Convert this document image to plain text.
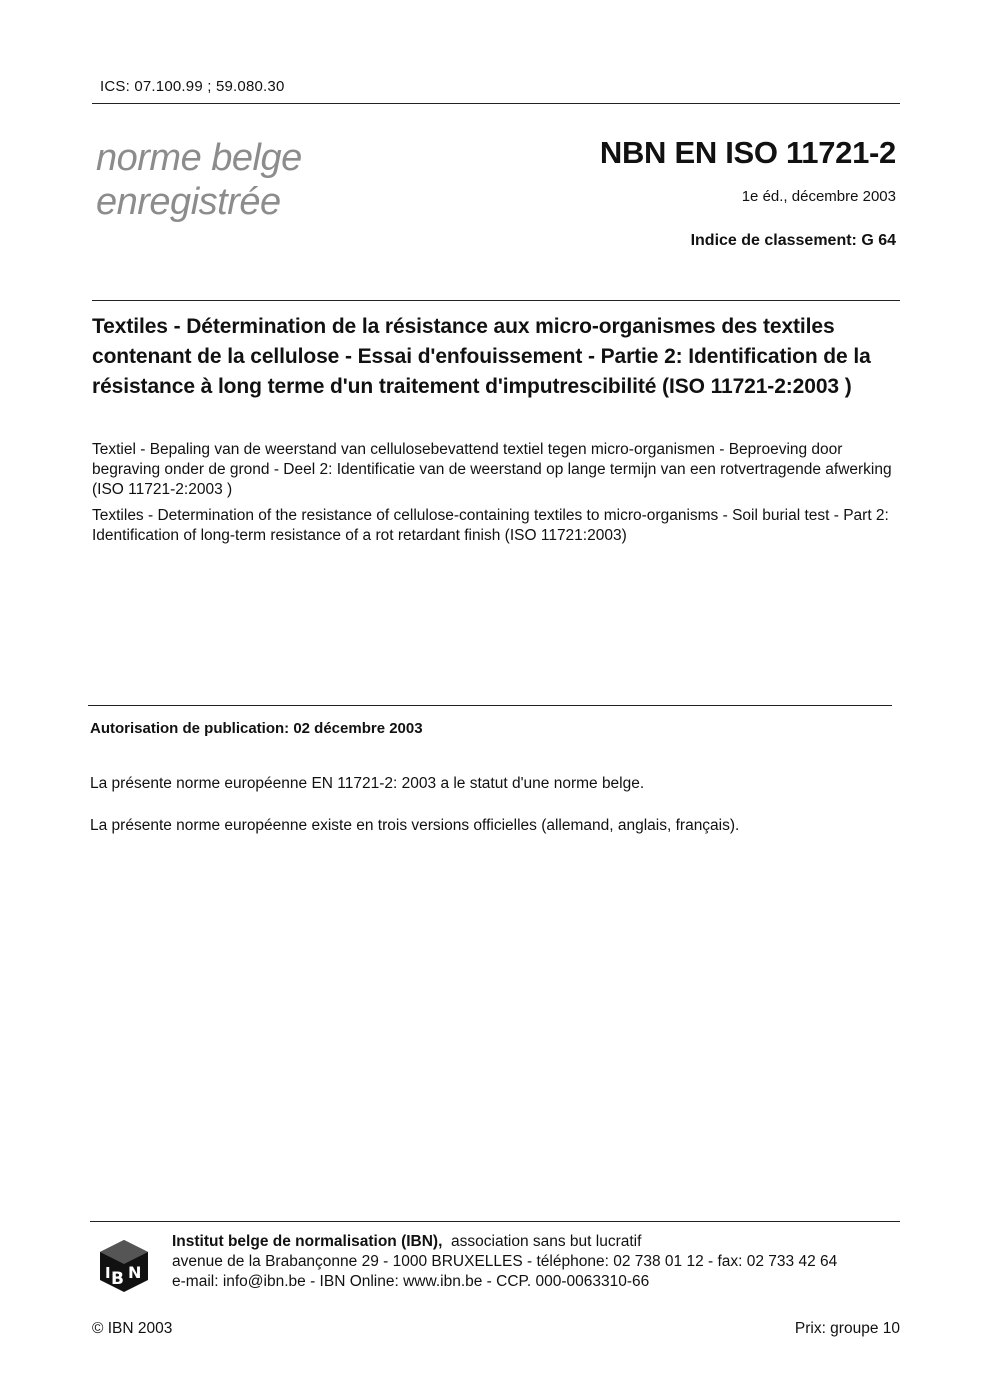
ICS: 07.100.99 ; 59.080.30
norme belge
enregistrée
NBN EN ISO 11721-2
1e éd., décembre 2003
Indice de classement: G 64
Textiles - Détermination de la résistance aux micro-organismes des textiles contenant de la cellulose - Essai d'enfouissement - Partie 2: Identification de la résistance à long terme d'un traitement d'imputrescibilité (ISO 11721-2:2003 )
Textiel - Bepaling van de weerstand van cellulosebevattend textiel tegen micro-organismen - Beproeving door begraving onder de grond - Deel 2: Identificatie van de weerstand op lange termijn van een rotvertragende afwerking (ISO 11721-2:2003 )
Textiles - Determination of the resistance of cellulose-containing textiles to micro-organisms - Soil burial test - Part 2: Identification of long-term resistance of a rot retardant finish (ISO 11721:2003)
Autorisation de publication: 02 décembre 2003
La présente norme européenne EN 11721-2: 2003 a le statut d'une norme belge.
La présente norme européenne existe en trois versions officielles (allemand, anglais, français).
I B N
Institut belge de normalisation (IBN), association sans but lucratif
avenue de la Brabançonne 29 - 1000 BRUXELLES - téléphone: 02 738 01 12 - fax: 02 733 42 64
e-mail: info@ibn.be - IBN Online: www.ibn.be - CCP. 000-0063310-66
© IBN 2003	Prix: groupe 10
